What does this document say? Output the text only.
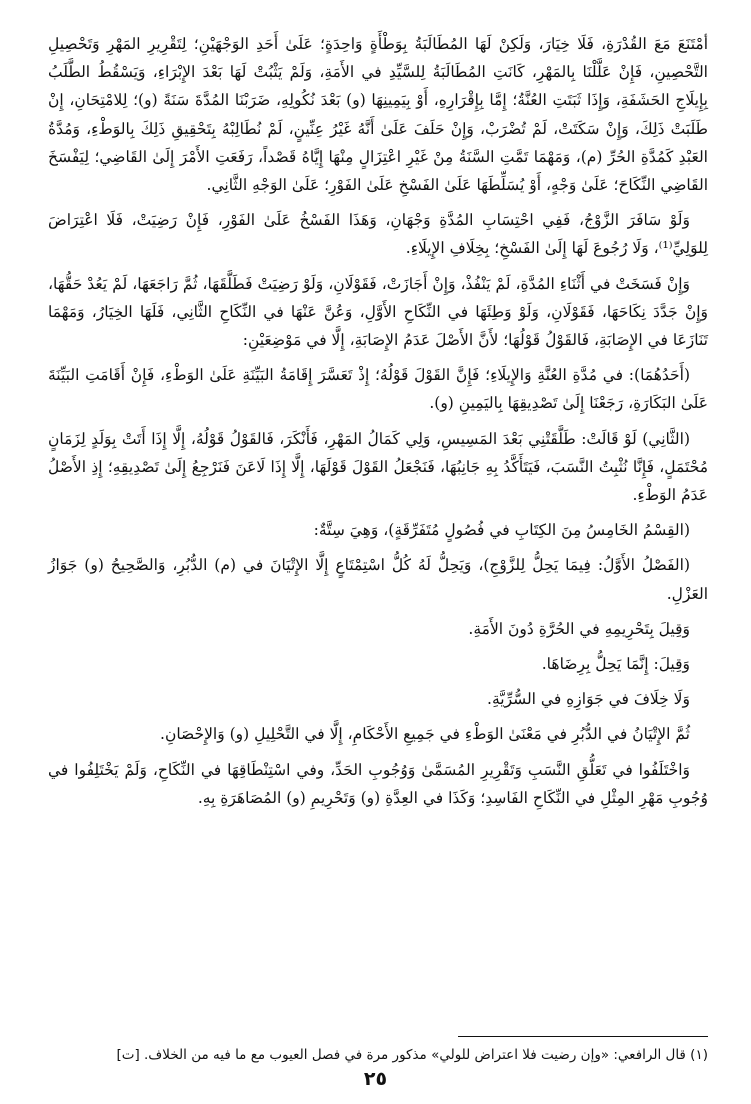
أمْتَنَعَ مَعَ القُدْرَةِ، فَلَا خِيَارَ، وَلَكِنْ لَهَا المُطَالَبَةُ بِوَطْأَةٍ وَاحِدَةٍ؛ عَلَىٰ أَحَدِ الوَجْهَيْنِ؛ لِتَقْرِيرِ المَهْرِ وَتَحْصِيلِ التَّحْصِينِ، فَإِنْ عَلَّلْنَا بِالمَهْرِ، كَانَتِ المُطَالَبَةُ لِلسَّيِّدِ في الأَمَةِ، وَلَمْ يَثْبُتْ لَهَا بَعْدَ الإِبْرَاءِ، وَيَسْقُطُ الطَّلَبُ بِإِيلَاجِ الحَشَفَةِ، وَإِذَا ثَبَتَتِ العُنَّةُ؛ إِمَّا بِإِقْرَارِهِ، أَوْ بِيَمِينِهَا (و) بَعْدَ نُكُولِهِ، ضَرَبْنَا المُدَّةَ سَنَةً (و)؛ لِلامْتِحَانِ، إِنْ طَلَبَتْ ذَلِكَ، وَإِنْ سَكَتَتْ، لَمْ تُضْرَبْ، وَإِنْ حَلَفَ عَلَىٰ أَنَّهُ غَيْرُ عِنِّينٍ، لَمْ نُطَالِبْهُ بِتَحْقِيقِ ذَلِكَ بِالوَطْءِ، وَمُدَّةُ العَبْدِ كَمُدَّةِ الحُرِّ (م)، وَمَهْمَا تَمَّتِ السَّنَةُ مِنْ غَيْرِ اعْتِزَالٍ مِنْهَا إِيَّاهُ قَصْداً، رَفَعَتِ الأَمْرَ إِلَىٰ القَاضِي؛ لِيَفْسَخَ القَاضِي النِّكَاحَ؛ عَلَىٰ وَجْهٍ، أَوْ يُسَلِّطَهَا عَلَىٰ الفَسْخِ عَلَىٰ الفَوْرِ؛ عَلَىٰ الوَجْهِ الثَّانِي.

وَلَوْ سَافَرَ الزَّوْجُ، فَفِي احْتِسَابِ المُدَّةِ وَجْهَانِ، وَهَذَا الفَسْخُ عَلَىٰ الفَوْرِ، فَإِنْ رَضِيَتْ، فَلَا اعْتِرَاضَ لِلوَلِيِّ⁽¹⁾، وَلَا رُجُوعَ لَهَا إِلَىٰ الفَسْخِ؛ بِخِلَافِ الإِيلَاءِ.

وَإِنْ فَسَخَتْ في أَثْنَاءِ المُدَّةِ، لَمْ يَنْفُذْ، وَإِنْ أَجَازَتْ، فَقَوْلَانِ، وَلَوْ رَضِيَتْ فَطَلَّقَهَا، ثُمَّ رَاجَعَهَا، لَمْ يَعُدْ حَقُّهَا، وَإِنْ جَدَّدَ نِكَاحَهَا، فَقَوْلَانِ، وَلَوْ وَطِئَهَا في النِّكَاحِ الأَوَّلِ، وَعُنَّ عَنْهَا في النِّكَاحِ الثَّانِي، فَلَهَا الخِيَارُ، وَمَهْمَا تَنَازَعَا في الإِصَابَةِ، فَالقَوْلُ قَوْلُهَا؛ لأَنَّ الأَصْلَ عَدَمُ الإِصَابَةِ، إِلَّا في مَوْضِعَيْنِ:

(أَحَدُهُمَا): في مُدَّةِ العُنَّةِ وَالإِيلَاءِ؛ فَإِنَّ القَوْلَ قَوْلُهُ؛ إِذْ تَعَسَّرَ إِقَامَةُ البَيِّنَةِ عَلَىٰ الوَطْءِ، فَإِنْ أَقَامَتِ البَيِّنَةَ عَلَىٰ البَكَارَةِ، رَجَعْنَا إِلَىٰ تَصْدِيقِهَا بِاليَمِينِ (و).

(الثَّانِي) لَوْ قَالَتْ: طَلَّقَتْنِي بَعْدَ المَسِيسِ، وَلِي كَمَالُ المَهْرِ، فَأَنْكَرَ، فَالقَوْلُ قَوْلُهُ، إِلَّا إِذَا أَتَتْ بِوَلَدٍ لِزَمَانٍ مُحْتَمَلٍ، فَإِنَّا نُثْبِتُ النَّسَبَ، فَيَتَأَكَّدُ بِهِ جَانِبُهَا، فَنَجْعَلُ القَوْلَ قَوْلَهَا، إِلَّا إِذَا لَاعَنَ فَنَرْجِعُ إِلَىٰ تَصْدِيقِهِ؛ إِذِ الأَصْلُ عَدَمُ الوَطْءِ.

(القِسْمُ الخَامِسُ مِنَ الكِتَابِ في فُصُولٍ مُتَفَرِّقَةٍ)، وَهِيَ سِتَّةٌ:

(الفَصْلُ الأَوَّلُ: فِيمَا يَحِلُّ لِلزَّوْجِ)، وَيَحِلُّ لَهُ كُلُّ اسْتِمْتَاعٍ إِلَّا الإِتْيَانَ في (م) الدُّبُرِ، وَالصَّحِيحُ (و) جَوَازُ العَزْلِ.

وَقِيلَ بِتَحْرِيمِهِ في الحُرَّةِ دُونَ الأَمَةِ.

وَقِيلَ: إِنَّمَا يَحِلُّ بِرِضَاهَا.

وَلَا خِلَافَ في جَوَازِهِ في السُّرِّيَّةِ.

ثُمَّ الإِتْيَانُ في الدُّبُرِ في مَعْنَىٰ الوَطْءِ في جَمِيعِ الأَحْكَامِ، إِلَّا في التَّحْلِيلِ (و) وَالإِحْصَانِ.

وَاخْتَلَفُوا في تَعَلُّقِ النَّسَبِ وَتَقْرِيرِ المُسَمَّىٰ وَوُجُوبِ الحَدِّ، وفي اسْتِنْطَاقِهَا في النِّكَاحِ، وَلَمْ يَخْتَلِفُوا في وُجُوبِ مَهْرِ المِثْلِ في النِّكَاحِ الفَاسِدِ؛ وَكَذَا في العِدَّةِ (و) وَتَحْرِيمِ (و) المُصَاهَرَةِ بِهِ.

(١) قال الرافعي: «وإن رضيت فلا اعتراض للولي» مذكور مرة في فصل العيوب مع ما فيه من الخلاف. [ت]
٢٥
